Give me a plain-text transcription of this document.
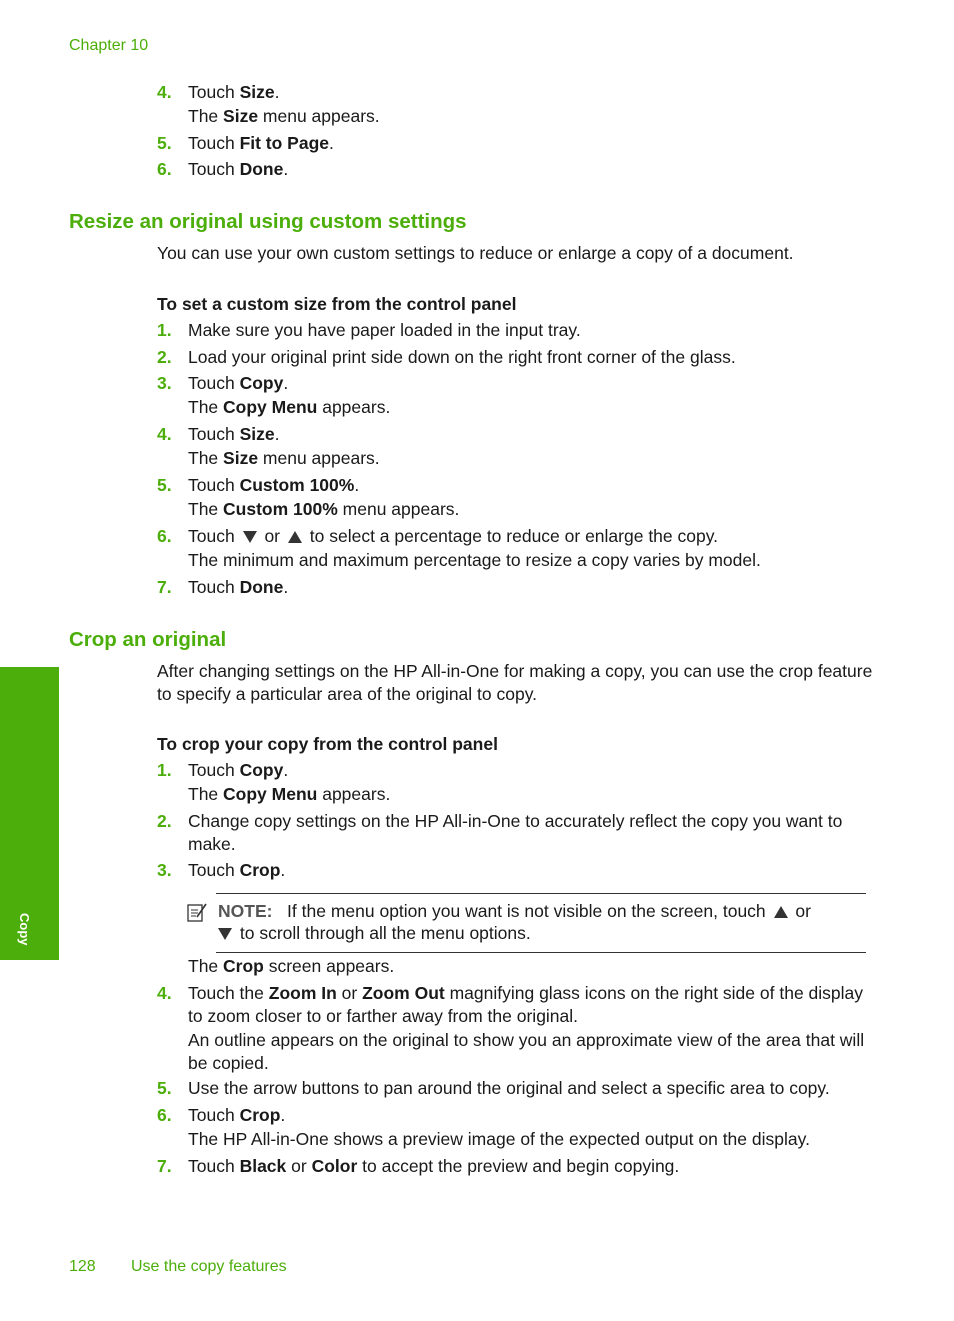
Chapter 10
Copy
4. Touch Size.
The Size menu appears.
5. Touch Fit to Page.
6. Touch Done.
Resize an original using custom settings
You can use your own custom settings to reduce or enlarge a copy of a document.
To set a custom size from the control panel
1. Make sure you have paper loaded in the input tray.
2. Load your original print side down on the right front corner of the glass.
3. Touch Copy.
The Copy Menu appears.
4. Touch Size.
The Size menu appears.
5. Touch Custom 100%.
The Custom 100% menu appears.
6. Touch or to select a percentage to reduce or enlarge the copy.
The minimum and maximum percentage to resize a copy varies by model.
7. Touch Done.
Crop an original
After changing settings on the HP All-in-One for making a copy, you can use the crop feature to specify a particular area of the original to copy.
To crop your copy from the control panel
1. Touch Copy.
The Copy Menu appears.
2. Change copy settings on the HP All-in-One to accurately reflect the copy you want to make.
3. Touch Crop.
NOTE: If the menu option you want is not visible on the screen, touch or
to scroll through all the menu options.
The Crop screen appears.
4. Touch the Zoom In or Zoom Out magnifying glass icons on the right side of the display to zoom closer to or farther away from the original.
An outline appears on the original to show you an approximate view of the area that will be copied.
5. Use the arrow buttons to pan around the original and select a specific area to copy.
6. Touch Crop.
The HP All-in-One shows a preview image of the expected output on the display.
7. Touch Black or Color to accept the preview and begin copying.
128 Use the copy features
